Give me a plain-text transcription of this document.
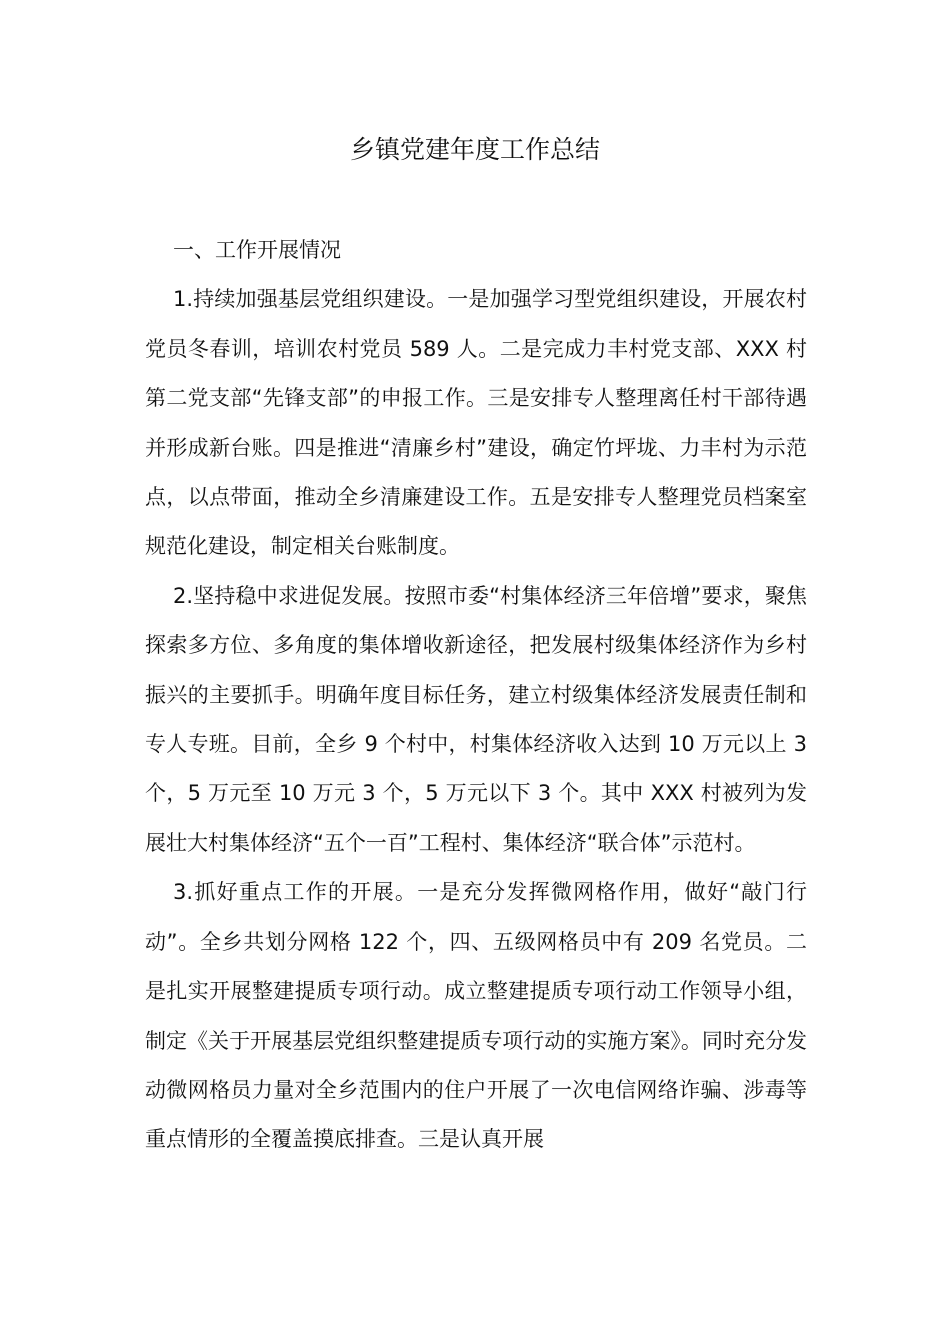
乡镇党建年度工作总结

一、工作开展情况

1.持续加强基层党组织建设。一是加强学习型党组织建设，开展农村党员冬春训，培训农村党员 589 人。二是完成力丰村党支部、XXX 村第二党支部“先锋支部”的申报工作。三是安排专人整理离任村干部待遇并形成新台账。四是推进“清廉乡村”建设，确定竹坪垅、力丰村为示范点，以点带面，推动全乡清廉建设工作。五是安排专人整理党员档案室规范化建设，制定相关台账制度。

2.坚持稳中求进促发展。按照市委“村集体经济三年倍增”要求，聚焦探索多方位、多角度的集体增收新途径，把发展村级集体经济作为乡村振兴的主要抓手。明确年度目标任务，建立村级集体经济发展责任制和专人专班。目前，全乡 9 个村中，村集体经济收入达到 10 万元以上 3 个，5 万元至 10 万元 3 个，5 万元以下 3 个。其中 XXX 村被列为发展壮大村集体经济“五个一百”工程村、集体经济“联合体”示范村。

3.抓好重点工作的开展。一是充分发挥微网格作用，做好“敲门行动”。全乡共划分网格 122 个，四、五级网格员中有 209 名党员。二是扎实开展整建提质专项行动。成立整建提质专项行动工作领导小组，制定《关于开展基层党组织整建提质专项行动的实施方案》。同时充分发动微网格员力量对全乡范围内的住户开展了一次电信网络诈骗、涉毒等重点情形的全覆盖摸底排查。三是认真开展
